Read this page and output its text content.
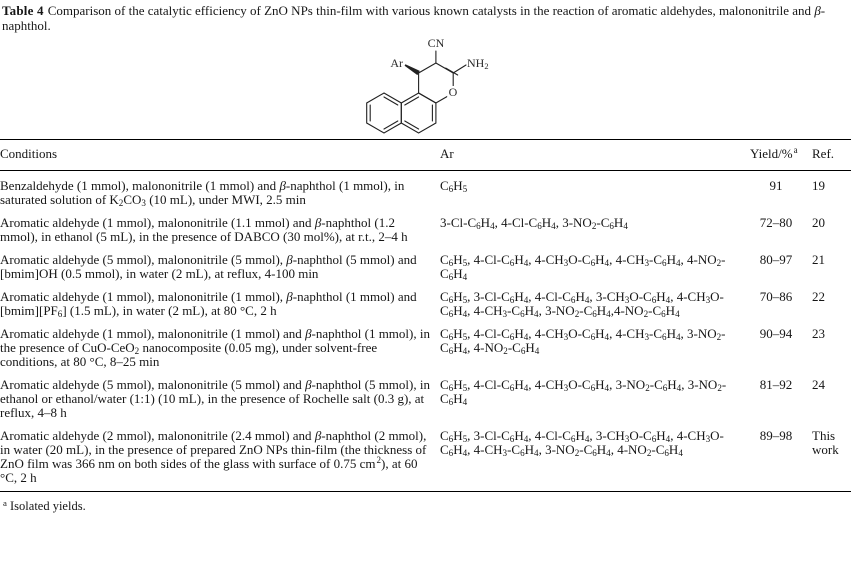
Table 4 Comparison of the catalytic efficiency of ZnO NPs thin-film with various known catalysts in the reaction of aromatic aldehydes, malononitrile and β-naphthol.
CN
$NH_2$
Ar
O
Conditions	Ar	Yield/%$^a$	Ref.
Benzaldehyde (1 mmol), malononitrile (1 mmol) and β-naphthol (1 mmol), in saturated solution of $K_2CO_3$ (10 mL), under MWI, 2.5 min	$C_6H_5$	91	19
Aromatic aldehyde (1 mmol), malononitrile (1.1 mmol) and β-naphthol (1.2 mmol), in ethanol (5 mL), in the presence of DABCO (30 mol%), at r.t., 2–4 h	$3-Cl-C_6H_4$, $4-Cl-C_6H_4$, $3-NO_2-C_6H_4$	72–80	20
Aromatic aldehyde (5 mmol), malononitrile (5 mmol), β-naphthol (5 mmol) and [bmim]OH (0.5 mmol), in water (2 mL), at reflux, 4-100 min	$C_6H_5$, $4-Cl-C_6H_4$, $4-CH_3O-C_6H_4$, $4-CH_3-C_6H_4$, $4-NO_2-C_6H_4$	80–97	21
Aromatic aldehyde (1 mmol), malononitrile (1 mmol), β-naphthol (1 mmol) and $[bmim][PF_6]$ (1.5 mL), in water (2 mL), at 80 °C, 2 h	$C_6H_5$, $3-Cl-C_6H_4$, $4-Cl-C_6H_4$, $3-CH_3O-C_6H_4$, $4-CH_3O-C_6H_4$, $4-CH_3-C_6H_4$, $3-NO_2-C_6H_4,4-NO_2-C_6H_4$	70–86	22
Aromatic aldehyde (1 mmol), malononitrile (1 mmol) and β-naphthol (1 mmol), in the presence of CuO-CeO$_2$ nanocomposite (0.05 mg), under solvent-free conditions, at 80 °C, 8–25 min	$C_6H_5$, $4-Cl-C_6H_4$, $4-CH_3O-C_6H_4$, $4-CH_3-C_6H_4$, $3-NO_2-C_6H_4$, $4-NO_2-C_6H_4$	90–94	23
Aromatic aldehyde (5 mmol), malononitrile (5 mmol) and β-naphthol (5 mmol), in ethanol or ethanol/water (1:1) (10 mL), in the presence of Rochelle salt (0.3 g), at reflux, 4–8 h	$C_6H_5$, $4-Cl-C_6H_4$, $4-CH_3O-C_6H_4$, $3-NO_2-C_6H_4$, $3-NO_2-C_6H_4$	81–92	24
Aromatic aldehyde (2 mmol), malononitrile (2.4 mmol) and β-naphthol (2 mmol), in water (20 mL), in the presence of prepared ZnO NPs thin-film (the thickness of ZnO film was 366 nm on both sides of the glass with surface of 0.75 $cm^2$), at 60 °C, 2 h	$C_6H_5$, $3-Cl-C_6H_4$, $4-Cl-C_6H_4$, $3-CH_3O-C_6H_4$, $4-CH_3O-C_6H_4$, $4-CH_3-C_6H_4$, $3-NO_2-C_6H_4$, $4-NO_2-C_6H_4$	89–98	This work
$^a$ Isolated yields.
